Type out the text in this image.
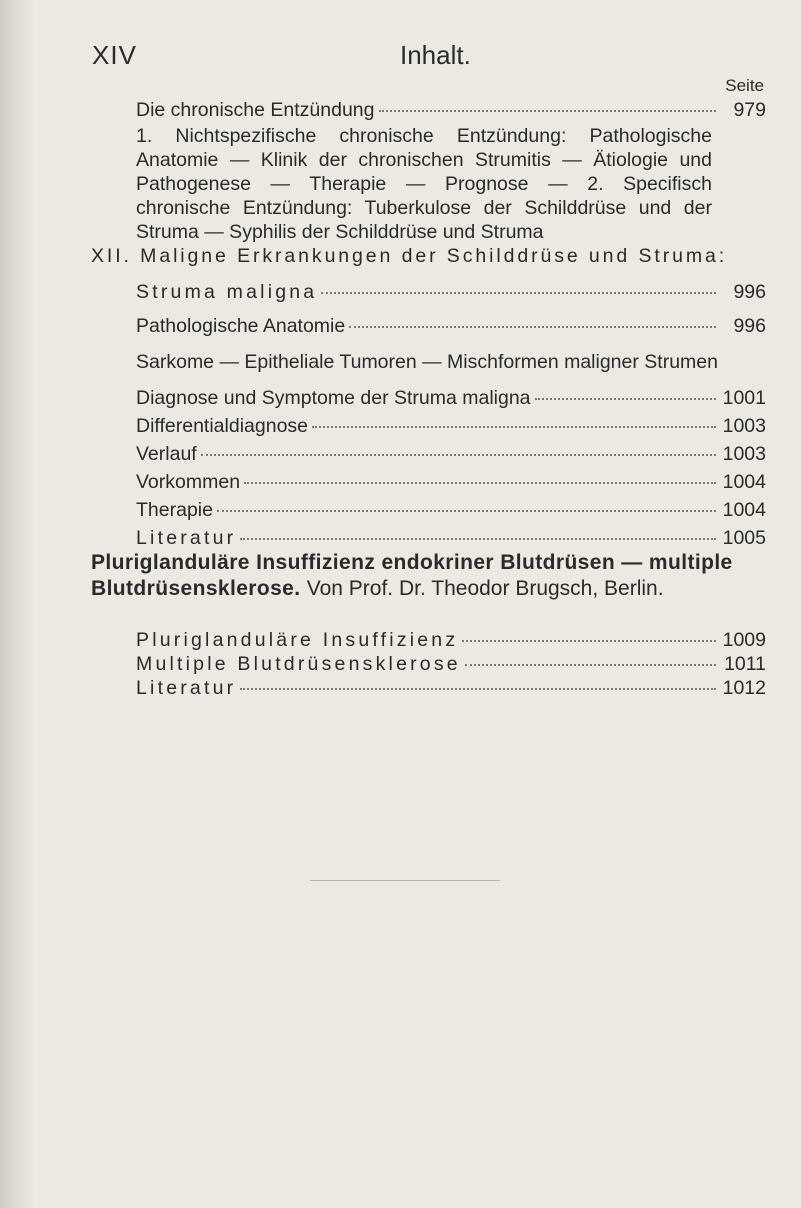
XIV	Inhalt.
Seite
Die chronische Entzündung	979
1. Nichtspezifische chronische Entzündung: Pathologische Anatomie — Klinik der chronischen Strumitis — Ätiologie und Pathogenese — Therapie — Prognose — 2. Specifisch chronische Entzündung: Tuberkulose der Schilddrüse und der Struma — Syphilis der Schilddrüse und Struma
XII. Maligne Erkrankungen der Schilddrüse und Struma:
Struma maligna	996
Pathologische Anatomie	996
Sarkome — Epitheliale Tumoren — Mischformen maligner Strumen
Diagnose und Symptome der Struma maligna	1001
Differentialdiagnose	1003
Verlauf	1003
Vorkommen	1004
Therapie	1004
Literatur	1005
Pluriglanduläre Insuffizienz endokriner Blutdrüsen — multiple Blutdrüsensklerose. Von Prof. Dr. Theodor Brugsch, Berlin.
Pluriglanduläre Insuffizienz	1009
Multiple Blutdrüsensklerose	1011
Literatur	1012
